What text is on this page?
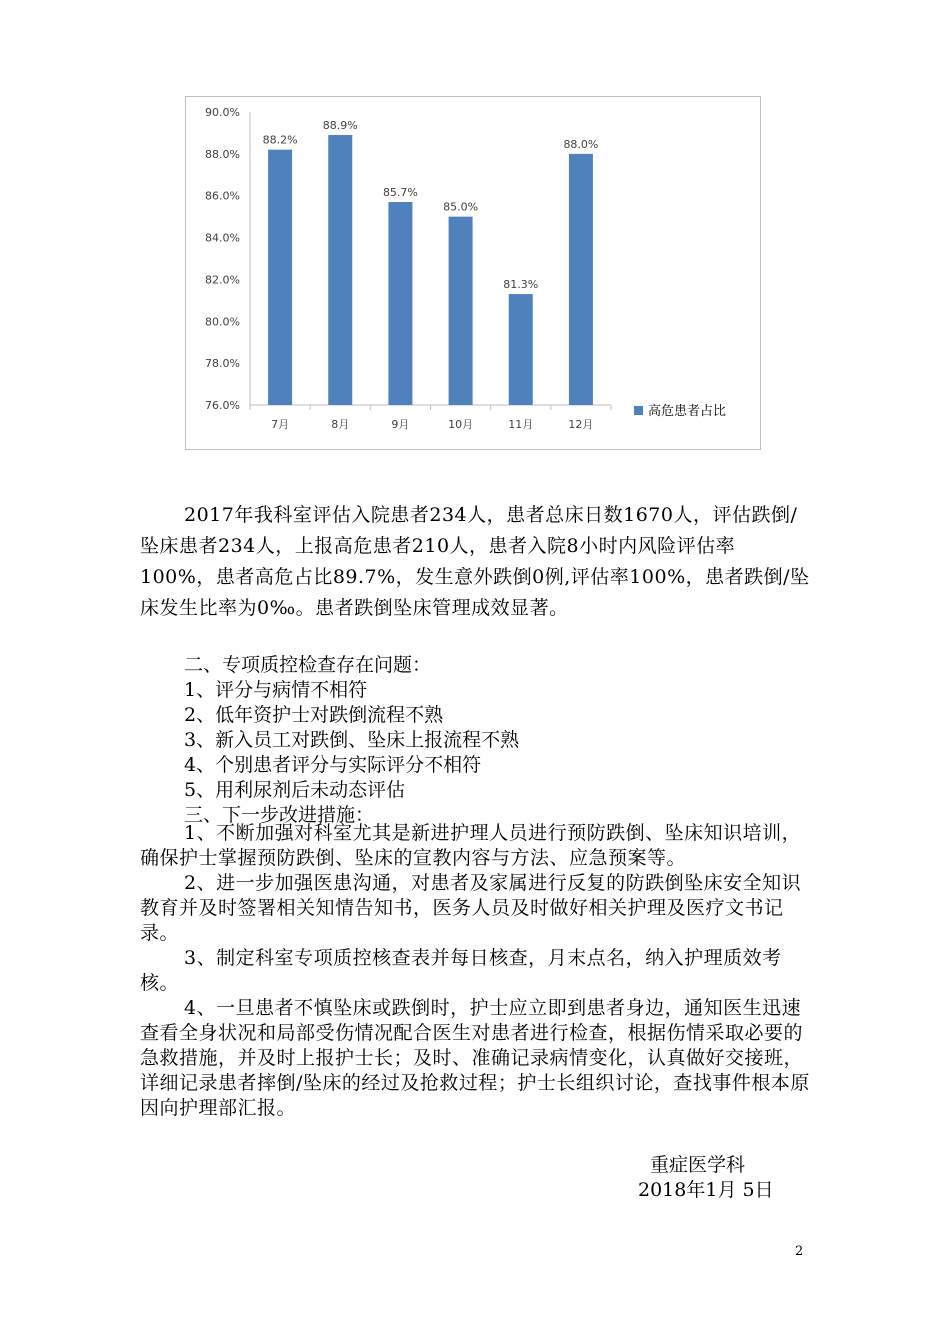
76.0%
78.0%
80.0%
82.0%
84.0%
86.0%
88.0%
90.0%
88.2%
7月
88.9%
8月
85.7%
9月
85.0%
10月
81.3%
11月
88.0%
12月
高危患者占比

2017年我科室评估入院患者234人，患者总床日数1670人，评估跌倒/坠床患者234人，上报高危患者210人，患者入院8小时内风险评估率100%，患者高危占比89.7%，发生意外跌倒0例,评估率100%，患者跌倒/坠床发生比率为0‰。患者跌倒坠床管理成效显著。

二、专项质控检查存在问题：

1、评分与病情不相符

2、低年资护士对跌倒流程不熟

3、新入员工对跌倒、坠床上报流程不熟

4、个别患者评分与实际评分不相符

5、用利尿剂后未动态评估

三、下一步改进措施：

1、不断加强对科室尤其是新进护理人员进行预防跌倒、坠床知识培训，确保护士掌握预防跌倒、坠床的宣教内容与方法、应急预案等。

2、进一步加强医患沟通，对患者及家属进行反复的防跌倒坠床安全知识教育并及时签署相关知情告知书，医务人员及时做好相关护理及医疗文书记录。

3、制定科室专项质控核查表并每日核查，月末点名，纳入护理质效考核。

4、一旦患者不慎坠床或跌倒时，护士应立即到患者身边，通知医生迅速查看全身状况和局部受伤情况配合医生对患者进行检查，根据伤情采取必要的急救措施，并及时上报护士长；及时、准确记录病情变化，认真做好交接班，详细记录患者摔倒/坠床的经过及抢救过程；护士长组织讨论，查找事件根本原因向护理部汇报。

重症医学科

2018年1月 5日

2
